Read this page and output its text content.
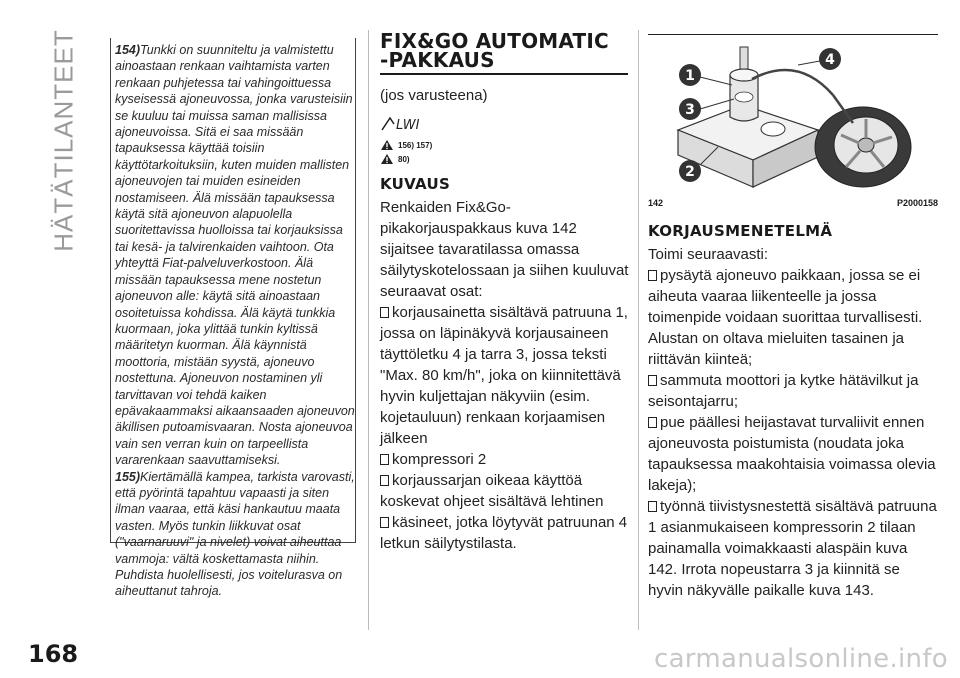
HÄTÄTILANTEET	154)Tunkki on suunniteltu ja valmistettu ainoastaan renkaan vaihtamista varten renkaan puhjetessa tai vahingoittuessa kyseisessä ajoneuvossa, jonka varusteisiin se kuuluu tai muissa saman mallisissa ajoneuvoissa. Sitä ei saa missään tapauksessa käyttää toisiin käyttötarkoituksiin, kuten muiden mallisten ajoneuvojen tai muiden esineiden nostamiseen. Älä missään tapauksessa käytä sitä ajoneuvon alapuolella suoritettavissa huolloissa tai korjauksissa tai kesä- ja talvirenkaiden vaihtoon. Ota yhteyttä Fiat-palveluverkostoon. Älä missään tapauksessa mene nostetun ajoneuvon alle: käytä sitä ainoastaan osoitetuissa kohdissa. Älä käytä tunkkia kuormaan, joka ylittää tunkin kyltissä määritetyn kuorman. Älä käynnistä moottoria, mistään syystä, ajoneuvo nostettuna. Ajoneuvon nostaminen yli tarvittavan voi tehdä kaiken epävakaammaksi aikaansaaden ajoneuvon äkillisen putoamisvaaran. Nosta ajoneuvoa vain sen verran kuin on tarpeellista vararenkaan saavuttamiseksi.

155)Kiertämällä kampea, tarkista varovasti, että pyörintä tapahtuu vapaasti ja siten ilman vaaraa, että käsi hankautuu maata vasten. Myös tunkin liikkuvat osat ("vaarnaruuvi" ja nivelet) voivat aiheuttaa vammoja: vältä koskettamasta niihin. Puhdista huolellisesti, jos voitelurasva on aiheuttanut tahroja.

FIX&GO AUTOMATIC
-PAKKAUS

(jos varusteena)

LWI
156) 157)
80)
KUVAUS

Renkaiden Fix&Go-pikakorjauspakkaus kuva 142 sijaitsee tavaratilassa omassa säilytyskotelossaan ja siihen kuuluvat seuraavat osat:

korjausainetta sisältävä patruuna 1, jossa on läpinäkyvä korjausaineen täyttöletku 4 ja tarra 3, jossa teksti "Max. 80 km/h", joka on kiinnitettävä hyvin kuljettajan näkyviin (esim. kojetauluun) renkaan korjaamisen jälkeen

kompressori 2

korjaussarjan oikeaa käyttöä koskevat ohjeet sisältävä lehtinen

käsineet, jotka löytyvät patruunan 4 letkun säilytystilasta.

1
3
2
4
142	P2000158
KORJAUSMENETELMÄ

Toimi seuraavasti:

pysäytä ajoneuvo paikkaan, jossa se ei aiheuta vaaraa liikenteelle ja jossa toimenpide voidaan suorittaa turvallisesti. Alustan on oltava mieluiten tasainen ja riittävän kiinteä;

sammuta moottori ja kytke hätävilkut ja seisontajarru;

pue päällesi heijastavat turvaliivit ennen ajoneuvosta poistumista (noudata joka tapauksessa maakohtaisia voimassa olevia lakeja);

työnnä tiivistysnestettä sisältävä patruuna 1 asianmukaiseen kompressorin 2 tilaan painamalla voimakkaasti alaspäin kuva 142. Irrota nopeustarra 3 ja kiinnitä se hyvin näkyvälle paikalle kuva 143.

168	carmanualsonline.info
